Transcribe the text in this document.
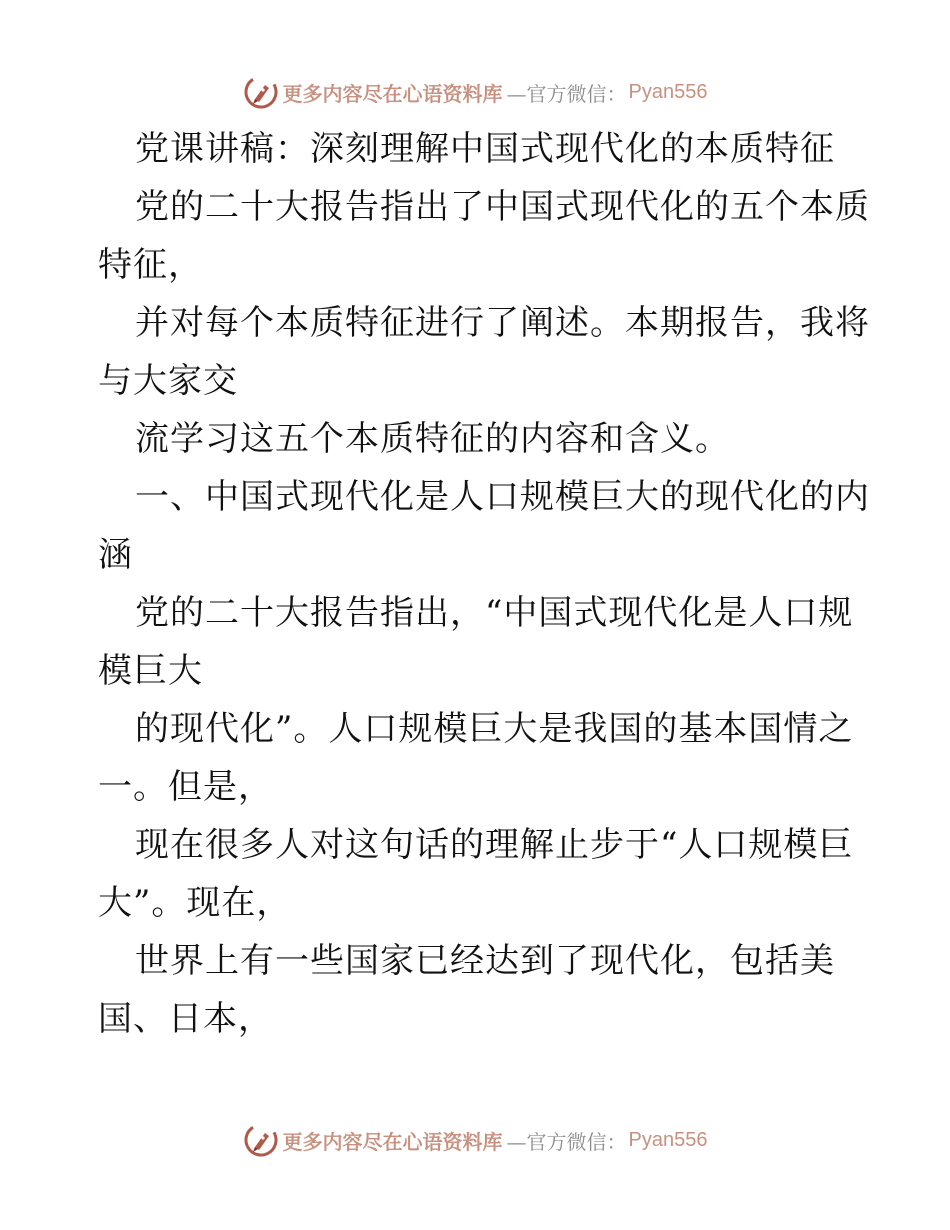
更多内容尽在心语资料库 —官方微信： Pyan556
党课讲稿：深刻理解中国式现代化的本质特征
党的二十大报告指出了中国式现代化的五个本质
特征，
并对每个本质特征进行了阐述。本期报告，我将
与大家交
流学习这五个本质特征的内容和含义。
一、中国式现代化是人口规模巨大的现代化的内
涵
党的二十大报告指出，“中国式现代化是人口规
模巨大
的现代化”。人口规模巨大是我国的基本国情之
一。但是，
现在很多人对这句话的理解止步于“人口规模巨
大”。现在，
世界上有一些国家已经达到了现代化，包括美
国、日本，
更多内容尽在心语资料库 —官方微信： Pyan556
